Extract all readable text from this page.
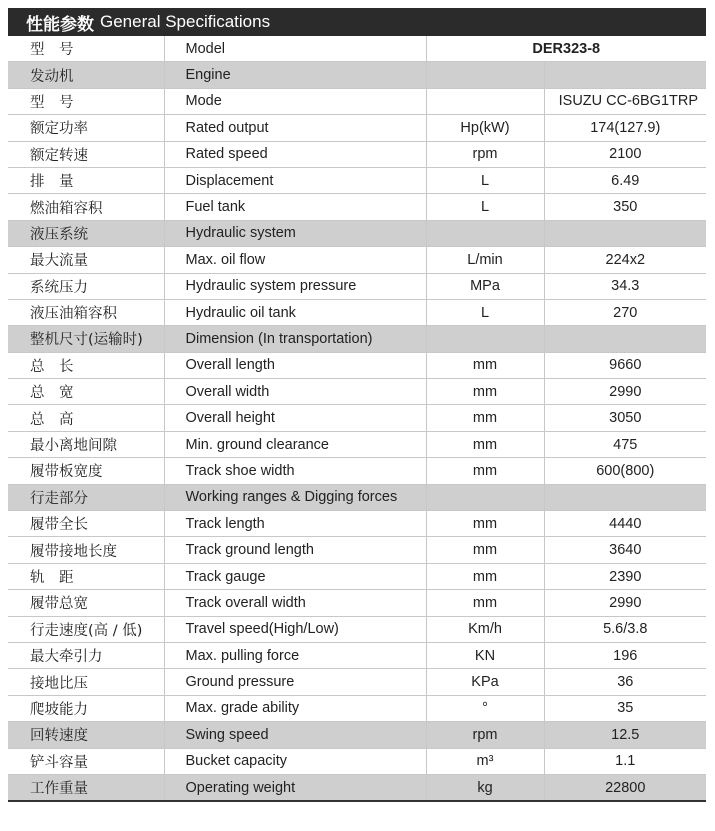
性能参数 General Specifications
型　号	Model	DER323-8	
发动机	Engine		
型　号	Mode		ISUZU CC-6BG1TRP
额定功率	Rated output	Hp(kW)	174(127.9)
额定转速	Rated speed	rpm	2100
排　量	Displacement	L	6.49
燃油箱容积	Fuel tank	L	350
液压系统	Hydraulic system		
最大流量	Max. oil flow	L/min	224x2
系统压力	Hydraulic system pressure	MPa	34.3
液压油箱容积	Hydraulic oil tank	L	270
整机尺寸(运输时)	Dimension (In transportation)		
总　长	Overall length	mm	9660
总　宽	Overall width	mm	2990
总　高	Overall height	mm	3050
最小离地间隙	Min. ground clearance	mm	475
履带板宽度	Track shoe width	mm	600(800)
行走部分	Working ranges & Digging forces		
履带全长	Track length	mm	4440
履带接地长度	Track ground length	mm	3640
轨　距	Track gauge	mm	2390
履带总宽	Track overall width	mm	2990
行走速度(高 / 低)	Travel speed(High/Low)	Km/h	5.6/3.8
最大牵引力	Max. pulling force	KN	196
接地比压	Ground pressure	KPa	36
爬坡能力	Max. grade ability	°	35
回转速度	Swing speed	rpm	12.5
铲斗容量	Bucket capacity	m³	1.1
工作重量	Operating weight	kg	22800
